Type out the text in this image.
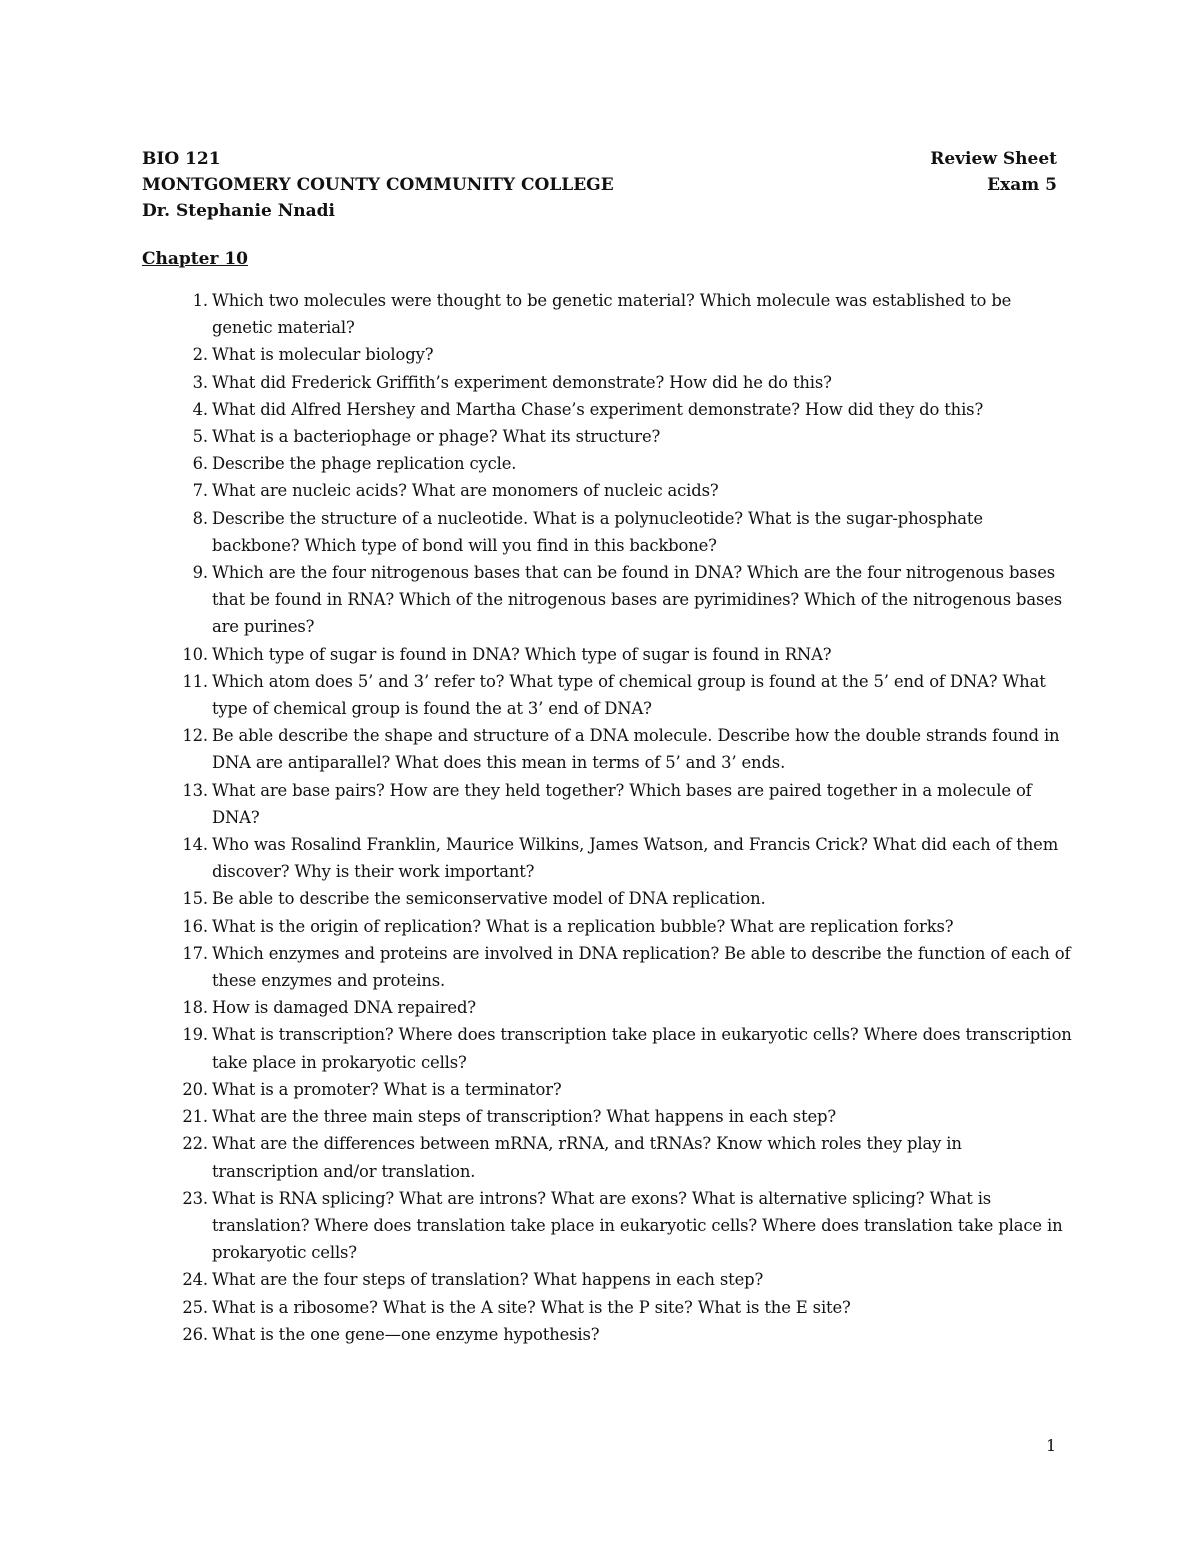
BIO 121	Review Sheet
MONTGOMERY COUNTY COMMUNITY COLLEGE	Exam 5
Dr. Stephanie Nnadi
Chapter 10
1. Which two molecules were thought to be genetic material? Which molecule was established to be genetic material?
2. What is molecular biology?
3. What did Frederick Griffith’s experiment demonstrate? How did he do this?
4. What did Alfred Hershey and Martha Chase’s experiment demonstrate? How did they do this?
5. What is a bacteriophage or phage? What its structure?
6. Describe the phage replication cycle.
7. What are nucleic acids? What are monomers of nucleic acids?
8. Describe the structure of a nucleotide. What is a polynucleotide? What is the sugar-phosphate backbone? Which type of bond will you find in this backbone?
9. Which are the four nitrogenous bases that can be found in DNA? Which are the four nitrogenous bases that be found in RNA? Which of the nitrogenous bases are pyrimidines? Which of the nitrogenous bases are purines?
10. Which type of sugar is found in DNA? Which type of sugar is found in RNA?
11. Which atom does 5’ and 3’ refer to? What type of chemical group is found at the 5’ end of DNA? What type of chemical group is found the at 3’ end of DNA?
12. Be able describe the shape and structure of a DNA molecule. Describe how the double strands found in DNA are antiparallel? What does this mean in terms of 5’ and 3’ ends.
13. What are base pairs? How are they held together? Which bases are paired together in a molecule of DNA?
14. Who was Rosalind Franklin, Maurice Wilkins, James Watson, and Francis Crick? What did each of them discover? Why is their work important?
15. Be able to describe the semiconservative model of DNA replication.
16. What is the origin of replication? What is a replication bubble? What are replication forks?
17. Which enzymes and proteins are involved in DNA replication? Be able to describe the function of each of these enzymes and proteins.
18. How is damaged DNA repaired?
19. What is transcription? Where does transcription take place in eukaryotic cells? Where does transcription take place in prokaryotic cells?
20. What is a promoter? What is a terminator?
21. What are the three main steps of transcription? What happens in each step?
22. What are the differences between mRNA, rRNA, and tRNAs? Know which roles they play in transcription and/or translation.
23. What is RNA splicing? What are introns? What are exons? What is alternative splicing? What is translation? Where does translation take place in eukaryotic cells? Where does translation take place in prokaryotic cells?
24. What are the four steps of translation? What happens in each step?
25. What is a ribosome? What is the A site? What is the P site? What is the E site?
26. What is the one gene—one enzyme hypothesis?
1
